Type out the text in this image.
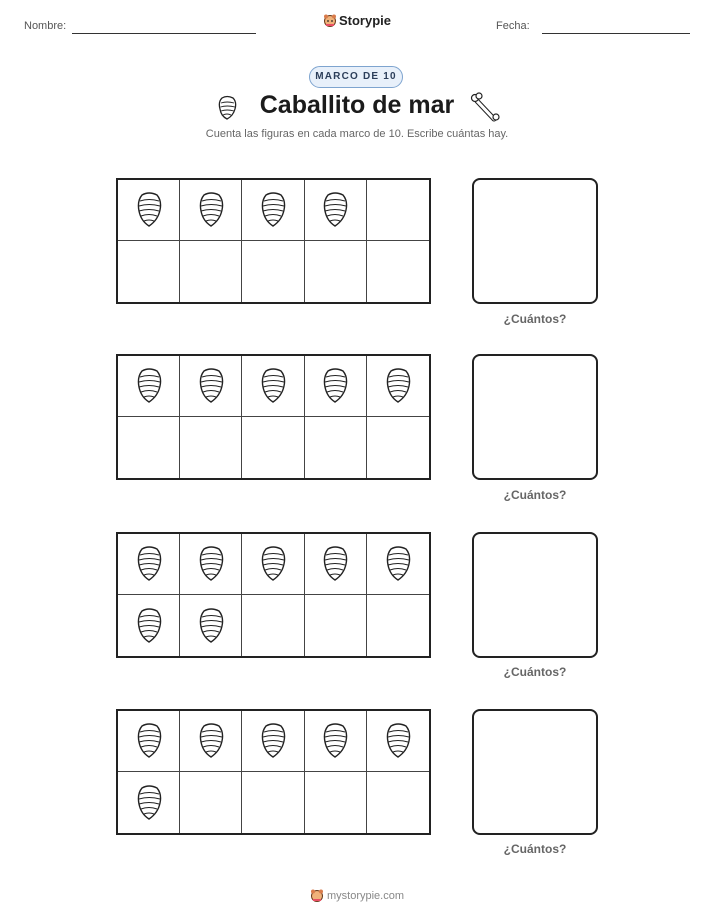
Nombre:	Storypie	Fecha:
MARCO DE 10
Caballito de mar
Cuenta las figuras en cada marco de 10. Escribe cuántas hay.
¿Cuántos?
¿Cuántos?
¿Cuántos?
¿Cuántos?
mystorypie.com
